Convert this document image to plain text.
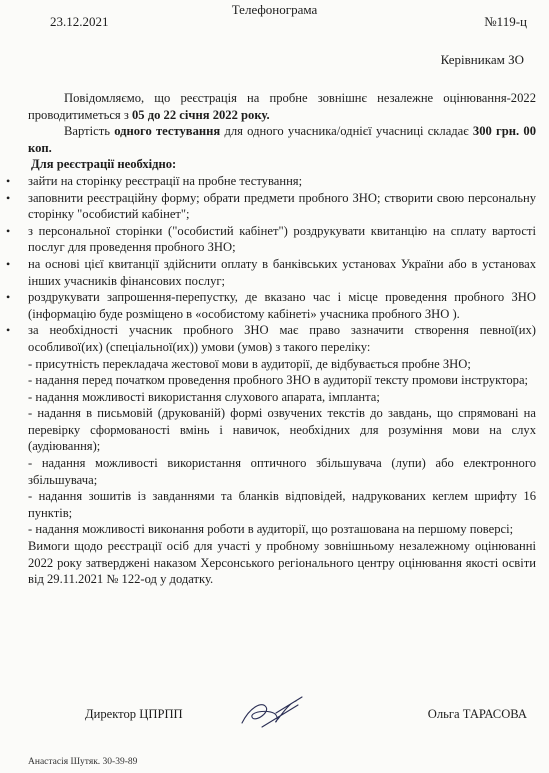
Телефонограма
23.12.2021	№119-ц
Керівникам ЗО

Повідомляємо, що реєстрація на пробне зовнішнє незалежне оцінювання-2022 проводитиметься з 05 до 22 січня 2022 року.

Вартість одного тестування для одного учасника/однієї учасниці складає 300 грн. 00 коп.

Для реєстрації необхідно:

• зайти на сторінку реєстрації на пробне тестування;
• заповнити реєстраційну форму; обрати предмети пробного ЗНО; створити свою персональну сторінку "особистий кабінет";
• з персональної сторінки ("особистий кабінет") роздрукувати квитанцію на сплату вартості послуг для проведення пробного ЗНО;
• на основі цієї квитанції здійснити оплату в банківських установах України або в установах інших учасників фінансових послуг;
• роздрукувати запрошення-перепустку, де вказано час і місце проведення пробного ЗНО (інформацію буде розміщено в «особистому кабінеті» учасника пробного ЗНО ).
• за необхідності учасник пробного ЗНО має право зазначити створення певної(их) особливої(их) (спеціальної(их)) умови (умов) з такого переліку:

- присутність перекладача жестової мови в аудиторії, де відбувається пробне ЗНО;

- надання перед початком проведення пробного ЗНО в аудиторії тексту промови інструктора;

- надання можливості використання слухового апарата, імпланта;

- надання в письмовій (друкованій) формі озвучених текстів до завдань, що спрямовані на перевірку сформованості вмінь і навичок, необхідних для розуміння мови на слух (аудіювання);

- надання можливості використання оптичного збільшувача (лупи) або електронного збільшувача;

- надання зошитів із завданнями та бланків відповідей, надрукованих кеглем шрифту 16 пунктів;

- надання можливості виконання роботи в аудиторії, що розташована на першому поверсі;

Вимоги щодо реєстрації осіб для участі у пробному зовнішньому незалежному оцінюванні 2022 року затверджені наказом Херсонського регіонального центру оцінювання якості освіти від 29.11.2021 № 122-од у додатку.

Директор ЦПРПП	Ольга ТАРАСОВА
Анастасія Шутяк. 30-39-89
